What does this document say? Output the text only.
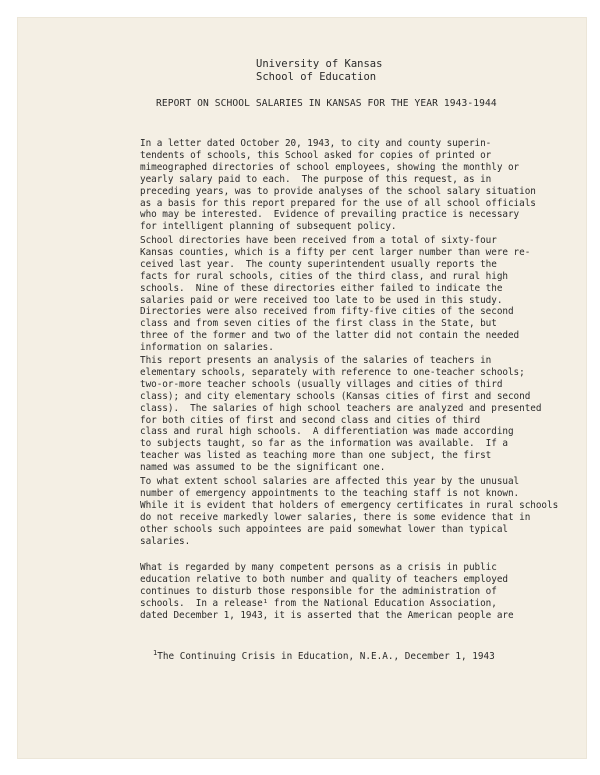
University of Kansas
School of Education
REPORT ON SCHOOL SALARIES IN KANSAS FOR THE YEAR 1943-1944
In a letter dated October 20, 1943, to city and county superin-
tendents of schools, this School asked for copies of printed or
mimeographed directories of school employees, showing the monthly or
yearly salary paid to each.  The purpose of this request, as in
preceding years, was to provide analyses of the school salary situation
as a basis for this report prepared for the use of all school officials
who may be interested.  Evidence of prevailing practice is necessary
for intelligent planning of subsequent policy.
School directories have been received from a total of sixty-four
Kansas counties, which is a fifty per cent larger number than were re-
ceived last year.  The county superintendent usually reports the
facts for rural schools, cities of the third class, and rural high
schools.  Nine of these directories either failed to indicate the
salaries paid or were received too late to be used in this study.
Directories were also received from fifty-five cities of the second
class and from seven cities of the first class in the State, but
three of the former and two of the latter did not contain the needed
information on salaries.
This report presents an analysis of the salaries of teachers in
elementary schools, separately with reference to one-teacher schools;
two-or-more teacher schools (usually villages and cities of third
class); and city elementary schools (Kansas cities of first and second
class).  The salaries of high school teachers are analyzed and presented
for both cities of first and second class and cities of third
class and rural high schools.  A differentiation was made according
to subjects taught, so far as the information was available.  If a
teacher was listed as teaching more than one subject, the first
named was assumed to be the significant one.
To what extent school salaries are affected this year by the unusual
number of emergency appointments to the teaching staff is not known.
While it is evident that holders of emergency certificates in rural schools
do not receive markedly lower salaries, there is some evidence that in
other schools such appointees are paid somewhat lower than typical
salaries.
What is regarded by many competent persons as a crisis in public
education relative to both number and quality of teachers employed
continues to disturb those responsible for the administration of
schools.  In a release¹ from the National Education Association,
dated December 1, 1943, it is asserted that the American people are
$^1$The Continuing Crisis in Education, N.E.A., December 1, 1943
